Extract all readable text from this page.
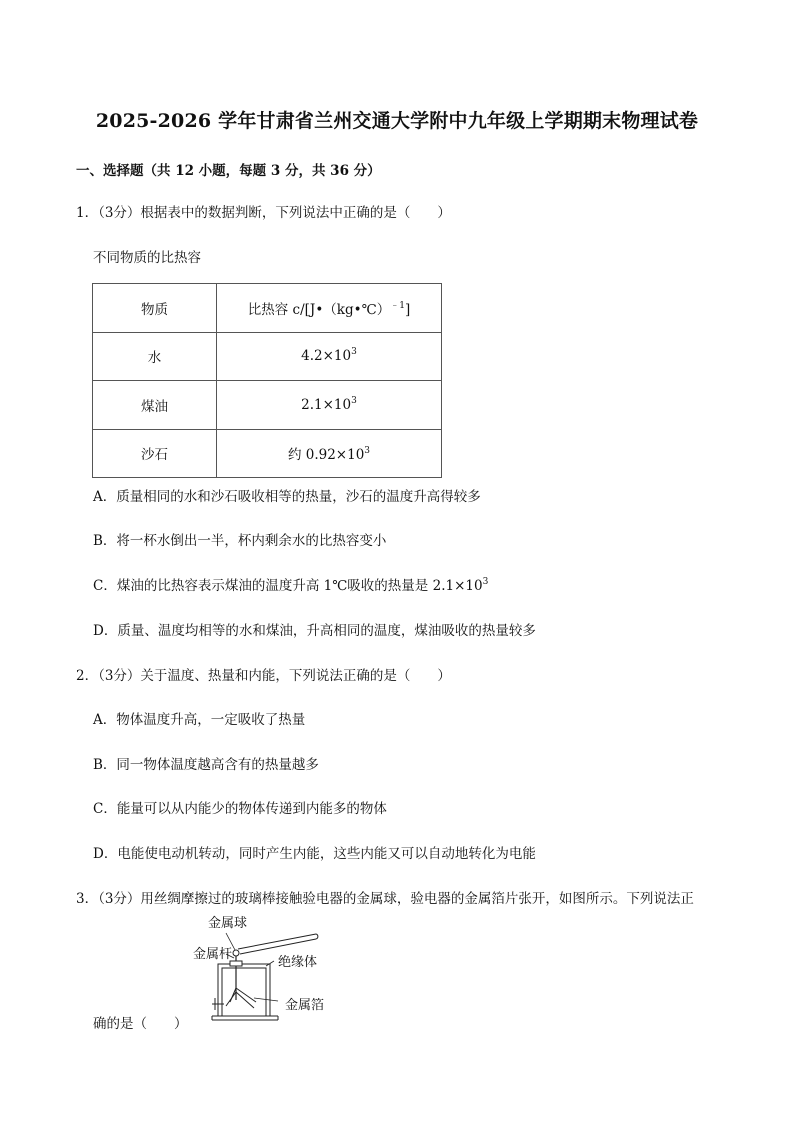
2025-2026 学年甘肃省兰州交通大学附中九年级上学期期末物理试卷
一、选择题（共 12 小题，每题 3 分，共 36 分）
1．（3分）根据表中的数据判断，下列说法中正确的是（　　）
不同物质的比热容
物质	比热容 c/[J•（kg•℃）$^{﹣1}$]
水	$4.2\times 10^3$
煤油	$2.1\times 10^3$
沙石	约 $0.92\times 10^3$
A．质量相同的水和沙石吸收相等的热量，沙石的温度升高得较多
B．将一杯水倒出一半，杯内剩余水的比热容变小
C．煤油的比热容表示煤油的温度升高 1℃吸收的热量是 $2.1\times 10^3$
D．质量、温度均相等的水和煤油，升高相同的温度，煤油吸收的热量较多
2．（3分）关于温度、热量和内能，下列说法正确的是（　　）
A．物体温度升高，一定吸收了热量
B．同一物体温度越高含有的热量越多
C．能量可以从内能少的物体传递到内能多的物体
D．电能使电动机转动，同时产生内能，这些内能又可以自动地转化为电能
3．（3分）用丝绸摩擦过的玻璃棒接触验电器的金属球，验电器的金属箔片张开，如图所示。下列说法正
确的是（　　）
金属球
金属杆
绝缘体
金属箔
